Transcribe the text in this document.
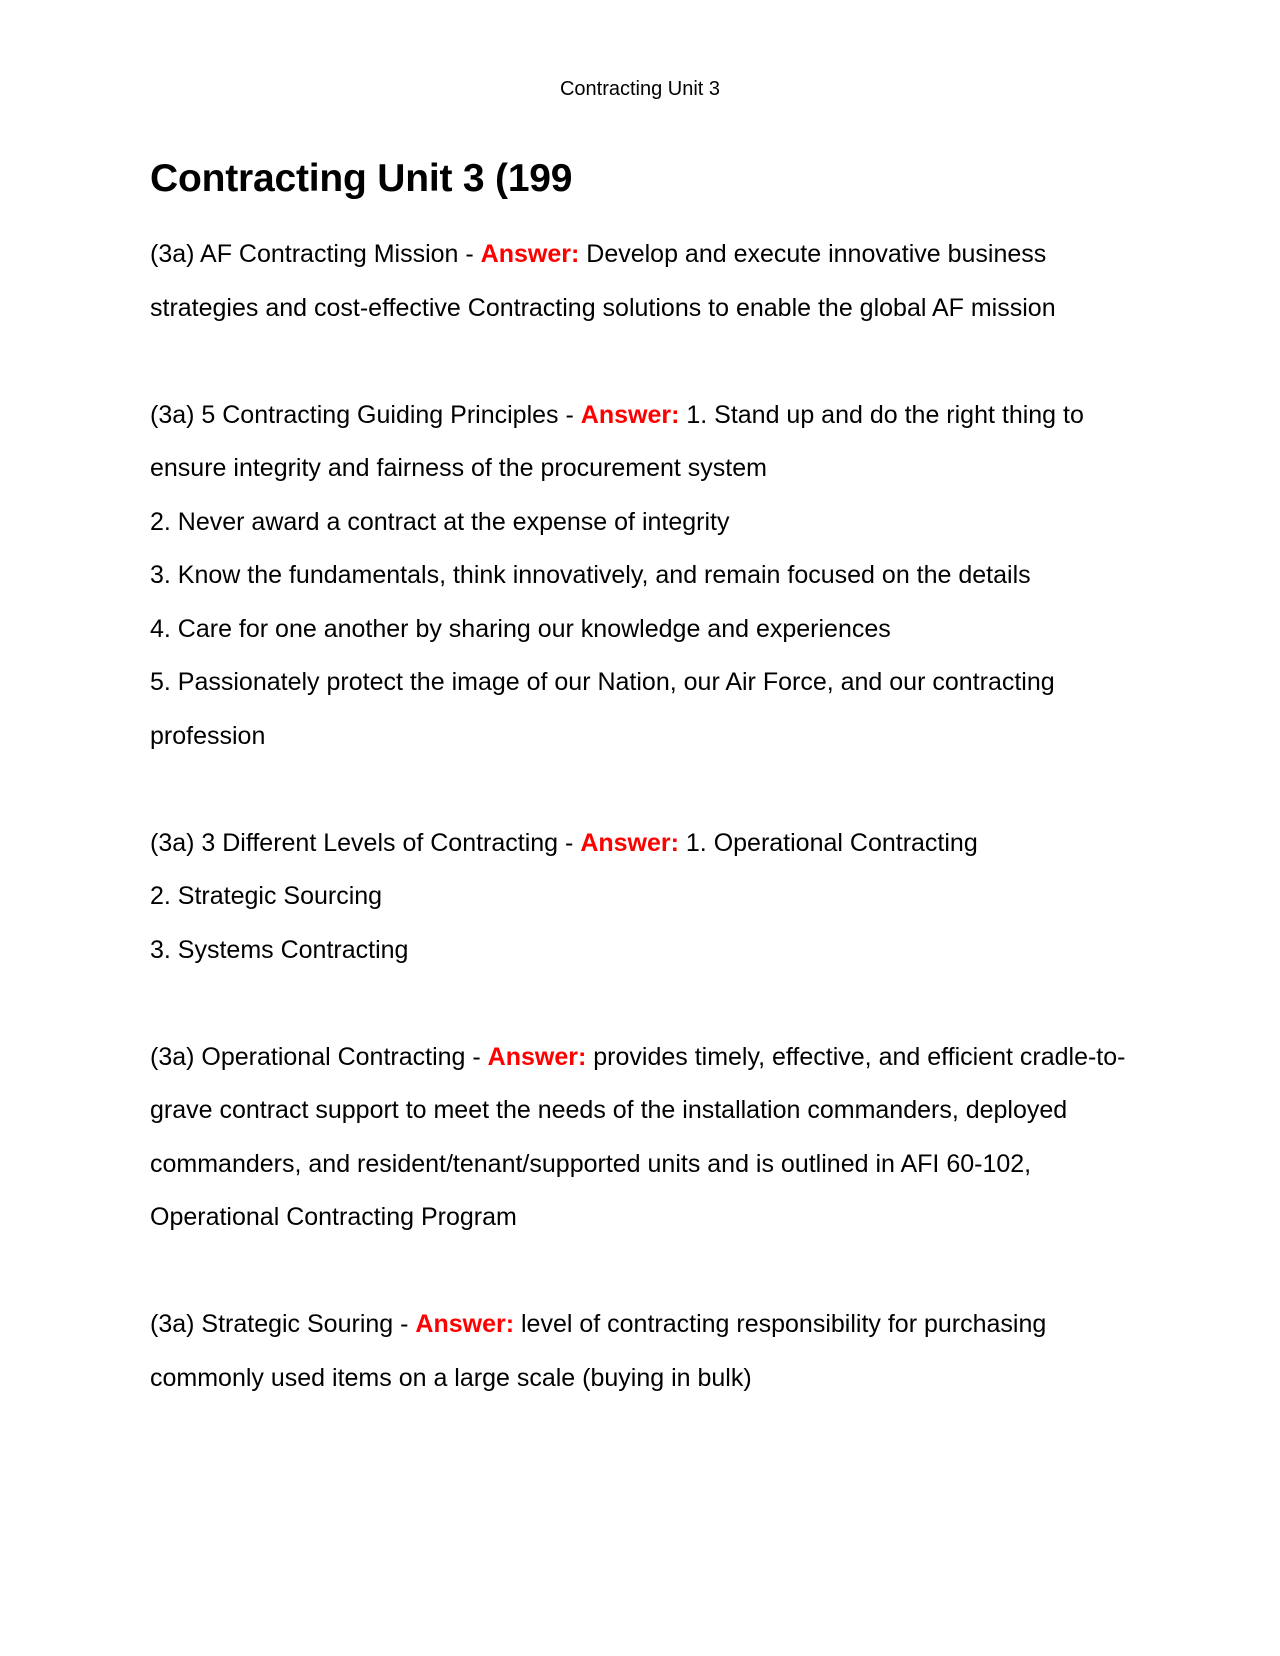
Contracting Unit 3
Contracting Unit 3 (199

(3a) AF Contracting Mission - Answer: Develop and execute innovative business strategies and cost-effective Contracting solutions to enable the global AF mission

(3a) 5 Contracting Guiding Principles - Answer: 1. Stand up and do the right thing to ensure integrity and fairness of the procurement system

2. Never award a contract at the expense of integrity

3. Know the fundamentals, think innovatively, and remain focused on the details

4. Care for one another by sharing our knowledge and experiences

5. Passionately protect the image of our Nation, our Air Force, and our contracting profession

(3a) 3 Different Levels of Contracting - Answer: 1. Operational Contracting

2. Strategic Sourcing

3. Systems Contracting

(3a) Operational Contracting - Answer: provides timely, effective, and efficient cradle-to-grave contract support to meet the needs of the installation commanders, deployed commanders, and resident/tenant/supported units and is outlined in AFI 60-102, Operational Contracting Program

(3a) Strategic Souring - Answer: level of contracting responsibility for purchasing commonly used items on a large scale (buying in bulk)
